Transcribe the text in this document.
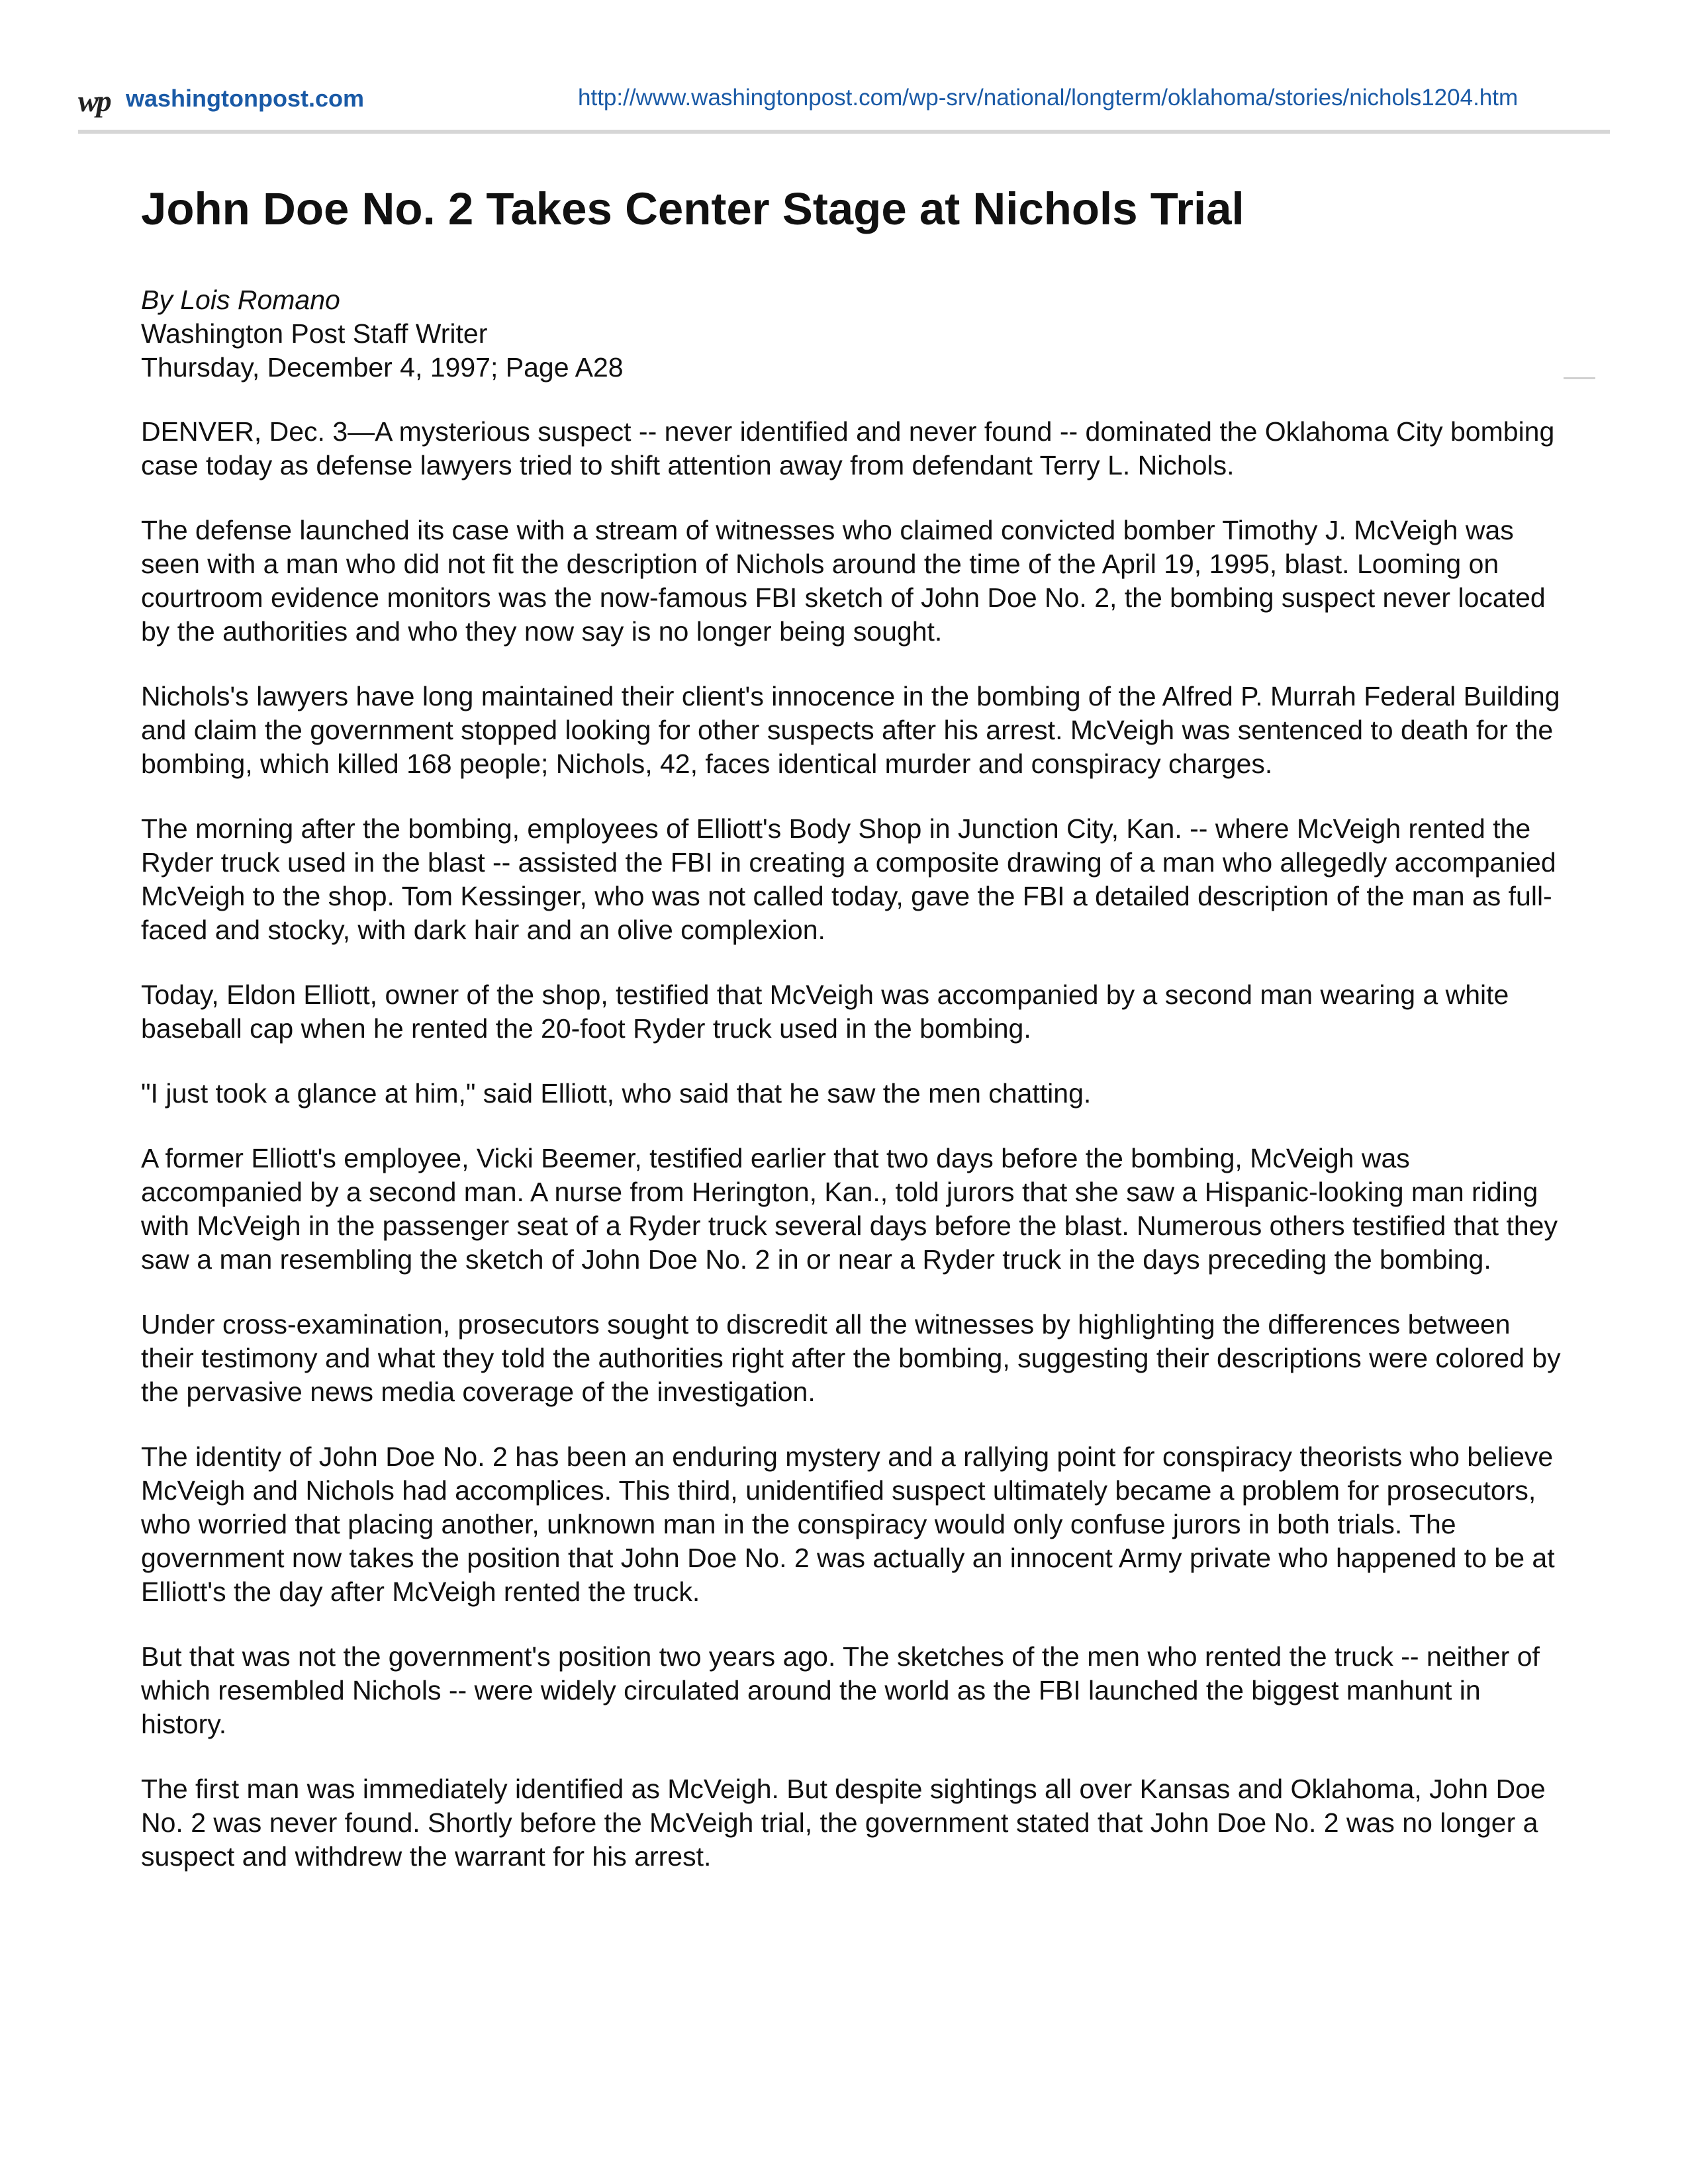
wp washingtonpost.com	http://www.washingtonpost.com/wp-srv/national/longterm/oklahoma/stories/nichols1204.htm
John Doe No. 2 Takes Center Stage at Nichols Trial
By Lois Romano
Washington Post Staff Writer
Thursday, December 4, 1997; Page A28

DENVER, Dec. 3—A mysterious suspect -- never identified and never found -- dominated the Oklahoma City bombing case today as defense lawyers tried to shift attention away from defendant Terry L. Nichols.

The defense launched its case with a stream of witnesses who claimed convicted bomber Timothy J. McVeigh was seen with a man who did not fit the description of Nichols around the time of the April 19, 1995, blast. Looming on courtroom evidence monitors was the now-famous FBI sketch of John Doe No. 2, the bombing suspect never located by the authorities and who they now say is no longer being sought.

Nichols's lawyers have long maintained their client's innocence in the bombing of the Alfred P. Murrah Federal Building and claim the government stopped looking for other suspects after his arrest. McVeigh was sentenced to death for the bombing, which killed 168 people; Nichols, 42, faces identical murder and conspiracy charges.

The morning after the bombing, employees of Elliott's Body Shop in Junction City, Kan. -- where McVeigh rented the Ryder truck used in the blast -- assisted the FBI in creating a composite drawing of a man who allegedly accompanied McVeigh to the shop. Tom Kessinger, who was not called today, gave the FBI a detailed description of the man as full-faced and stocky, with dark hair and an olive complexion.

Today, Eldon Elliott, owner of the shop, testified that McVeigh was accompanied by a second man wearing a white baseball cap when he rented the 20-foot Ryder truck used in the bombing.

"I just took a glance at him," said Elliott, who said that he saw the men chatting.

A former Elliott's employee, Vicki Beemer, testified earlier that two days before the bombing, McVeigh was accompanied by a second man. A nurse from Herington, Kan., told jurors that she saw a Hispanic-looking man riding with McVeigh in the passenger seat of a Ryder truck several days before the blast. Numerous others testified that they saw a man resembling the sketch of John Doe No. 2 in or near a Ryder truck in the days preceding the bombing.

Under cross-examination, prosecutors sought to discredit all the witnesses by highlighting the differences between their testimony and what they told the authorities right after the bombing, suggesting their descriptions were colored by the pervasive news media coverage of the investigation.

The identity of John Doe No. 2 has been an enduring mystery and a rallying point for conspiracy theorists who believe McVeigh and Nichols had accomplices. This third, unidentified suspect ultimately became a problem for prosecutors, who worried that placing another, unknown man in the conspiracy would only confuse jurors in both trials. The government now takes the position that John Doe No. 2 was actually an innocent Army private who happened to be at Elliott's the day after McVeigh rented the truck.

But that was not the government's position two years ago. The sketches of the men who rented the truck -- neither of which resembled Nichols -- were widely circulated around the world as the FBI launched the biggest manhunt in history.

The first man was immediately identified as McVeigh. But despite sightings all over Kansas and Oklahoma, John Doe No. 2 was never found. Shortly before the McVeigh trial, the government stated that John Doe No. 2 was no longer a suspect and withdrew the warrant for his arrest.
